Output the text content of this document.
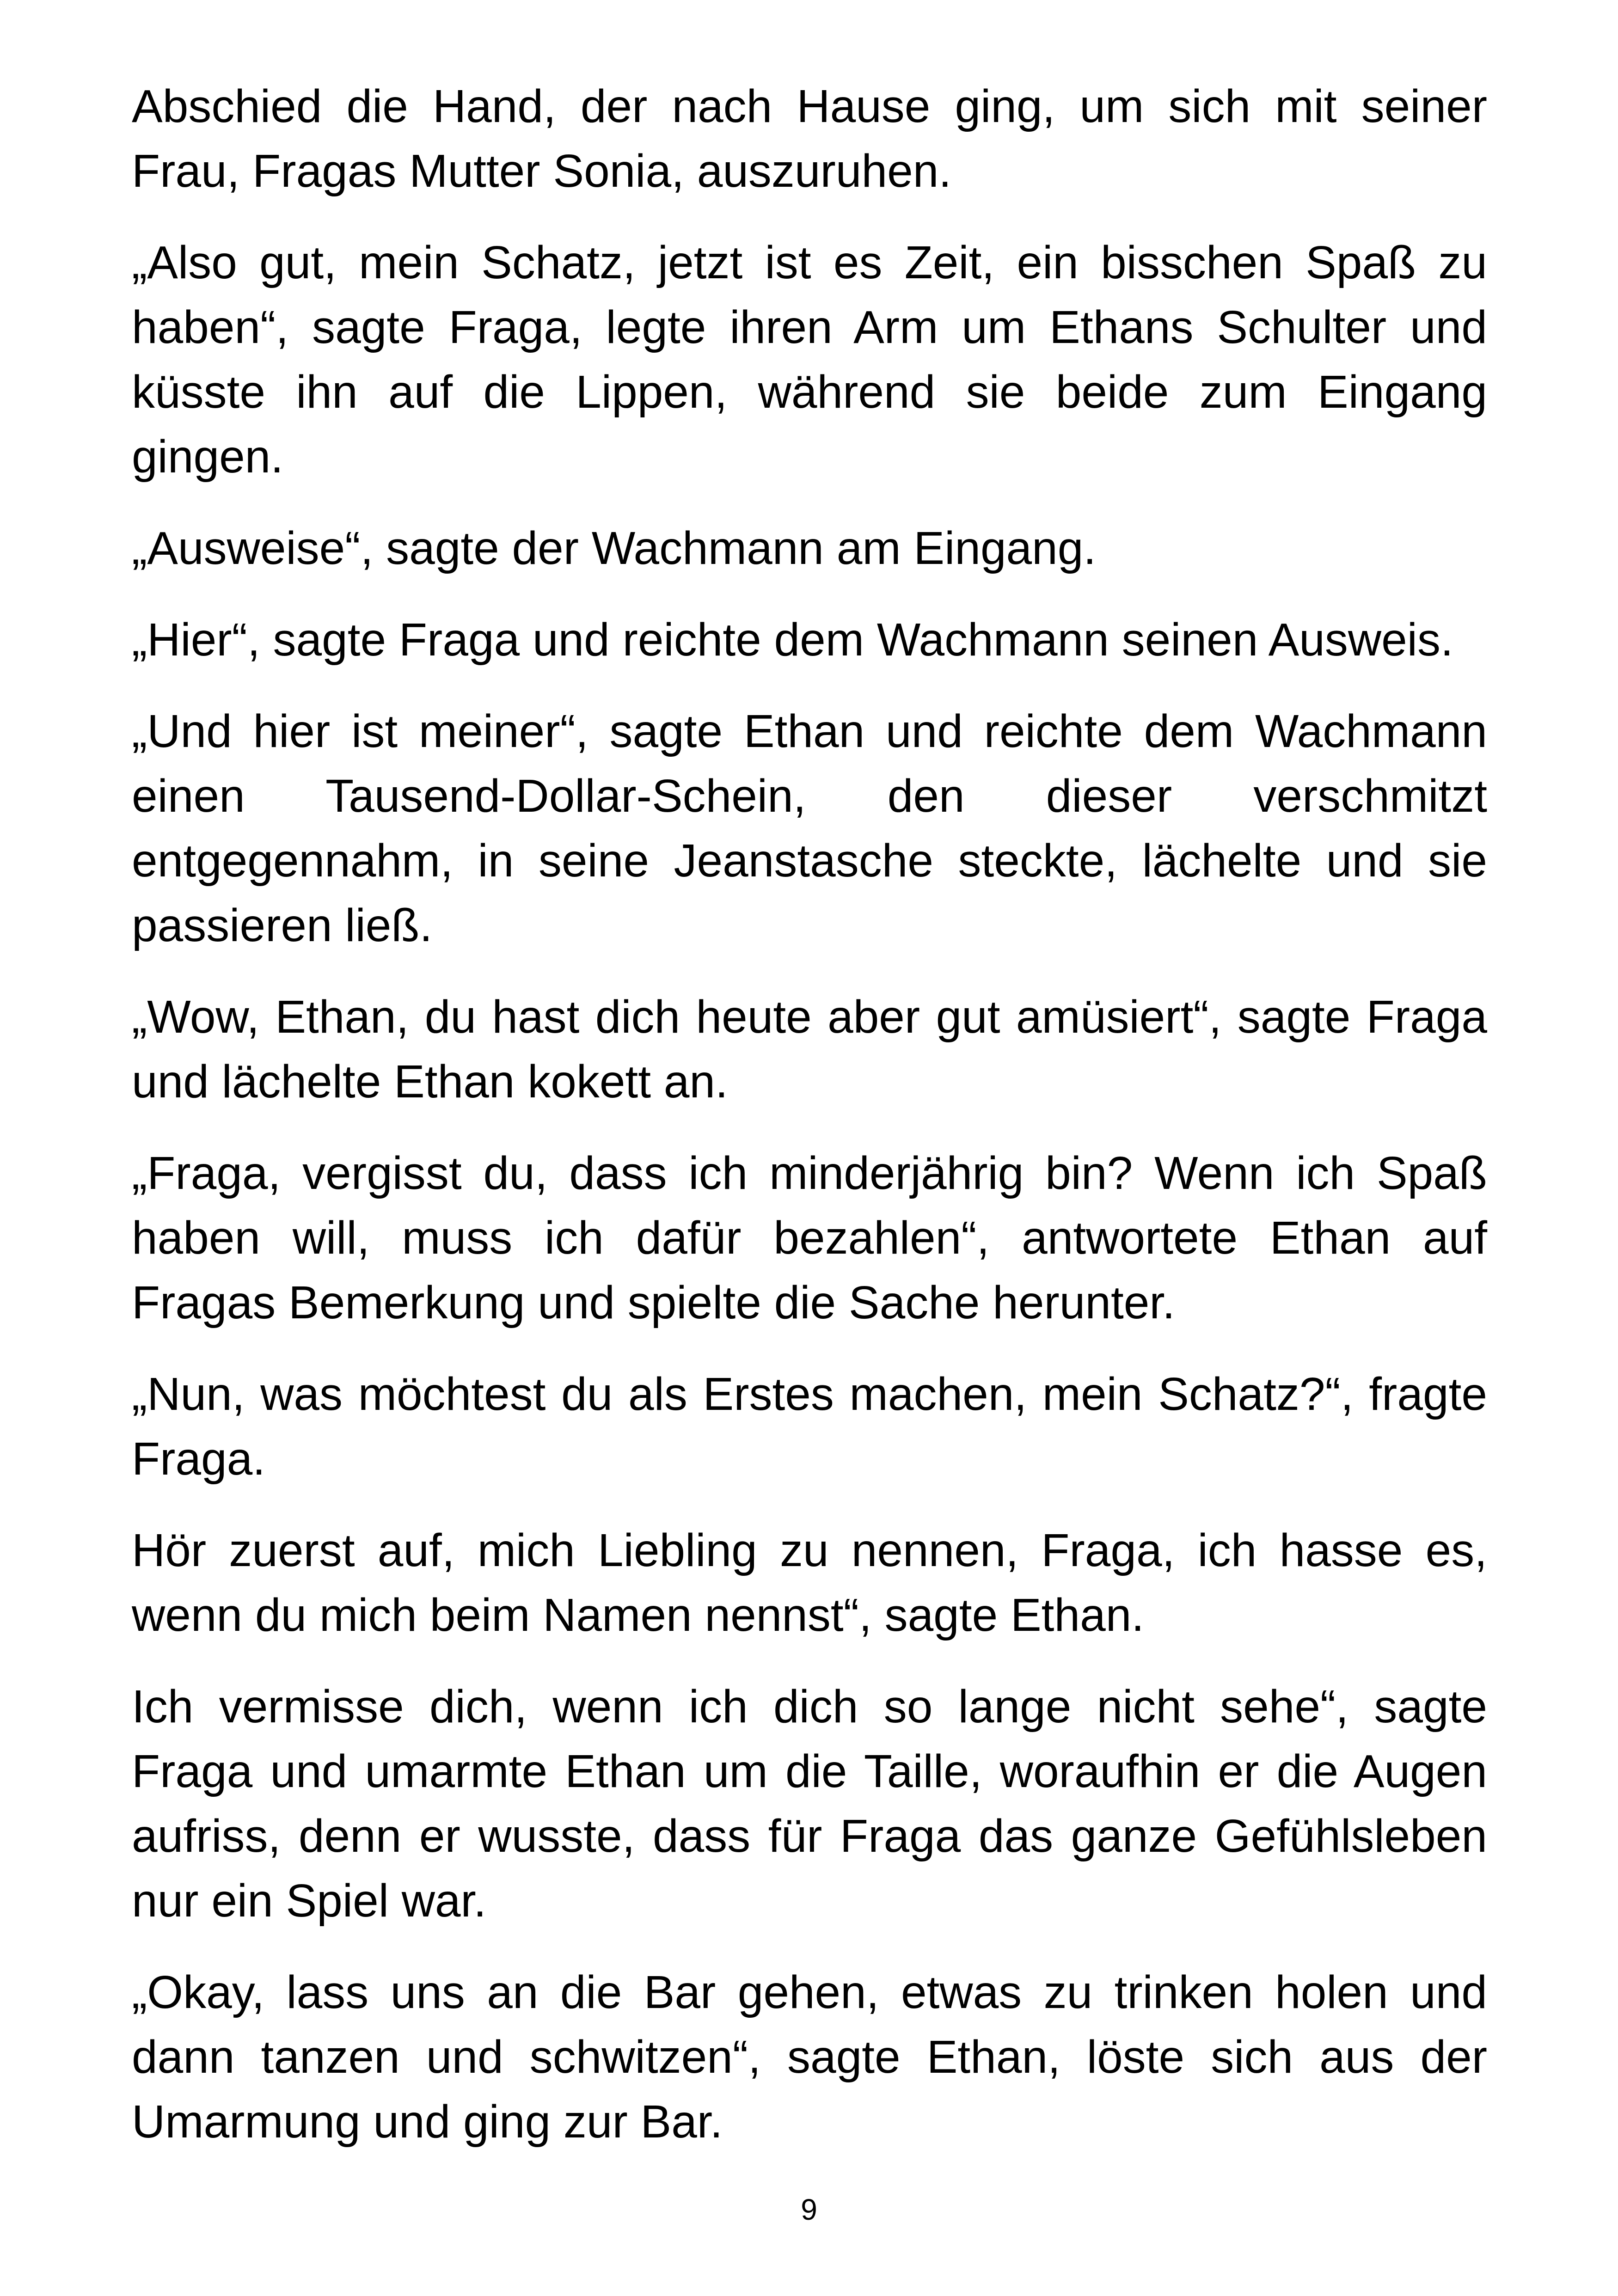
Abschied die Hand, der nach Hause ging, um sich mit seiner Frau, Fragas Mutter Sonia, auszuruhen.

„Also gut, mein Schatz, jetzt ist es Zeit, ein bisschen Spaß zu haben“, sagte Fraga, legte ihren Arm um Ethans Schulter und küsste ihn auf die Lippen, während sie beide zum Eingang gingen.

„Ausweise“, sagte der Wachmann am Eingang.

„Hier“, sagte Fraga und reichte dem Wachmann seinen Ausweis.

„Und hier ist meiner“, sagte Ethan und reichte dem Wachmann einen Tausend-Dollar-Schein, den dieser verschmitzt entgegennahm, in seine Jeanstasche steckte, lächelte und sie passieren ließ.

„Wow, Ethan, du hast dich heute aber gut amüsiert“, sagte Fraga und lächelte Ethan kokett an.

„Fraga, vergisst du, dass ich minderjährig bin? Wenn ich Spaß haben will, muss ich dafür bezahlen“, antwortete Ethan auf Fragas Bemerkung und spielte die Sache herunter.

„Nun, was möchtest du als Erstes machen, mein Schatz?“, fragte Fraga.

Hör zuerst auf, mich Liebling zu nennen, Fraga, ich hasse es, wenn du mich beim Namen nennst“, sagte Ethan.

Ich vermisse dich, wenn ich dich so lange nicht sehe“, sagte Fraga und umarmte Ethan um die Taille, woraufhin er die Augen aufriss, denn er wusste, dass für Fraga das ganze Gefühlsleben nur ein Spiel war.

„Okay, lass uns an die Bar gehen, etwas zu trinken holen und dann tanzen und schwitzen“, sagte Ethan, löste sich aus der Umarmung und ging zur Bar.

9
